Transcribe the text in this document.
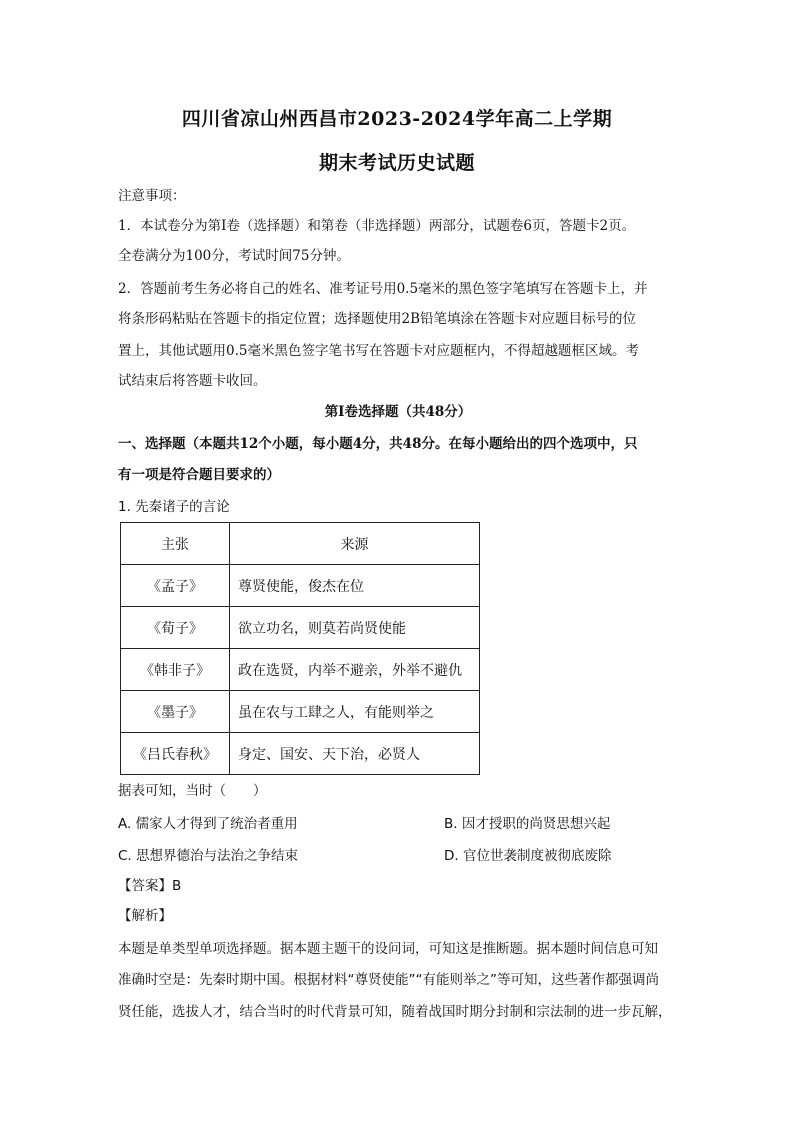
四川省凉山州西昌市2023-2024学年高二上学期
期末考试历史试题
注意事项：
1．本试卷分为第Ⅰ卷（选择题）和第卷（非选择题）两部分，试题卷6页，答题卡2页。
全卷满分为100分，考试时间75分钟。
2．答题前考生务必将自己的姓名、准考证号用0.5毫米的黑色签字笔填写在答题卡上，并
将条形码粘贴在答题卡的指定位置；选择题使用2B铅笔填涂在答题卡对应题目标号的位
置上，其他试题用0.5毫米黑色签字笔书写在答题卡对应题框内，不得超越题框区域。考
试结束后将答题卡收回。
第Ⅰ卷选择题（共48分）
一、选择题（本题共12个小题，每小题4分，共48分。在每小题给出的四个选项中，只
有一项是符合题目要求的）
1. 先秦诸子的言论
主张	来源
《孟子》	尊贤使能，俊杰在位
《荀子》	欲立功名，则莫若尚贤使能
《韩非子》	政在选贤，内举不避亲，外举不避仇
《墨子》	虽在农与工肆之人，有能则举之
《吕氏春秋》	身定、国安、天下治，必贤人
据表可知，当时（　　）
A. 儒家人才得到了统治者重用	B. 因才授职的尚贤思想兴起
C. 思想界德治与法治之争结束	D. 官位世袭制度被彻底废除
【答案】B
【解析】
本题是单类型单项选择题。据本题主题干的设问词，可知这是推断题。据本题时间信息可知
准确时空是：先秦时期中国。根据材料“尊贤使能”“有能则举之”等可知，这些著作都强调尚
贤任能，选拔人才，结合当时的时代背景可知，随着战国时期分封制和宗法制的进一步瓦解，
